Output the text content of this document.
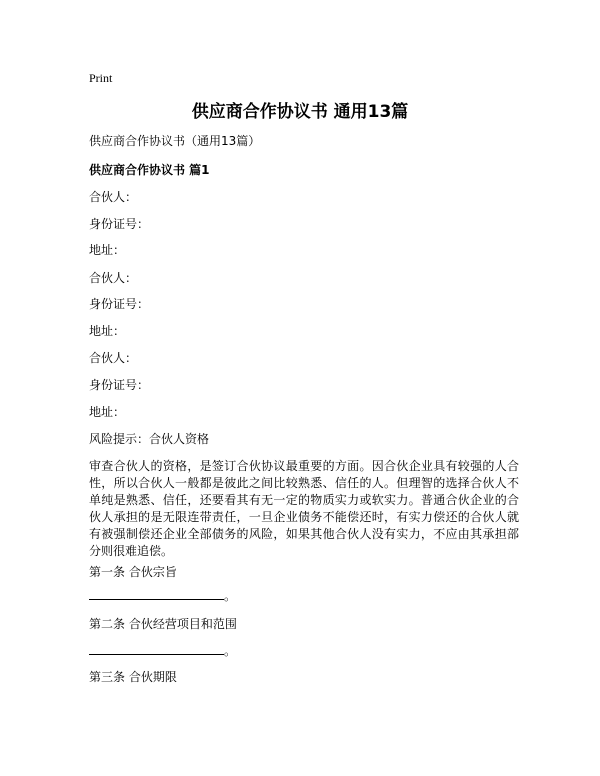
Print
供应商合作协议书 通用13篇
供应商合作协议书（通用13篇）
供应商合作协议书 篇1
合伙人：
身份证号：
地址：
合伙人：
身份证号：
地址：
合伙人：
身份证号：
地址：
风险提示：合伙人资格
审查合伙人的资格，是签订合伙协议最重要的方面。因合伙企业具有较强的人合性，所以合伙人一般都是彼此之间比较熟悉、信任的人。但理智的选择合伙人不单纯是熟悉、信任，还要看其有无一定的物质实力或软实力。普通合伙企业的合伙人承担的是无限连带责任，一旦企业债务不能偿还时，有实力偿还的合伙人就有被强制偿还企业全部债务的风险，如果其他合伙人没有实力，不应由其承担部分则很难追偿。
第一条 合伙宗旨
。
第二条 合伙经营项目和范围
。
第三条 合伙期限
